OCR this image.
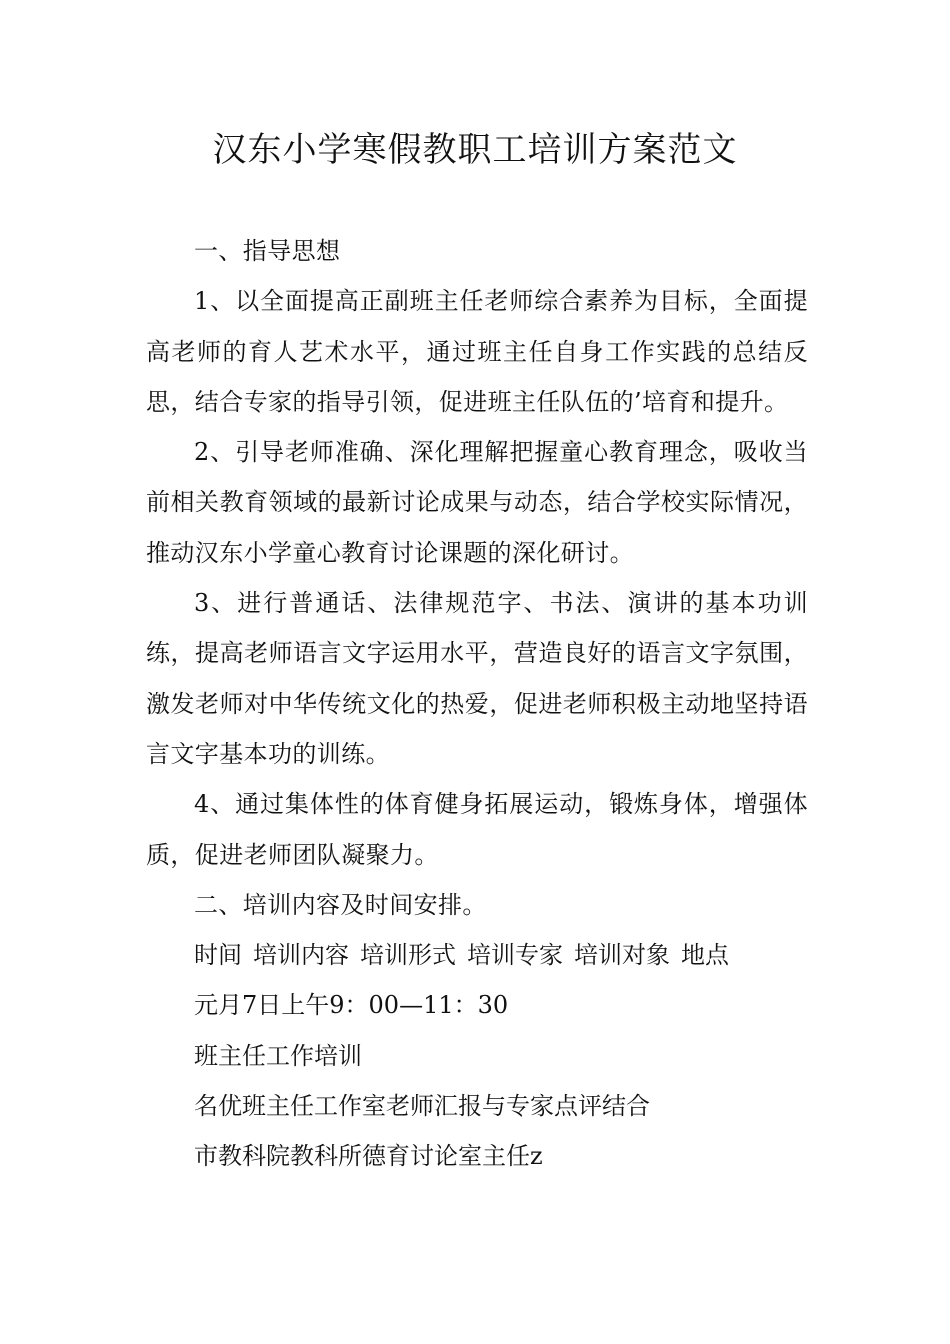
汉东小学寒假教职工培训方案范文

一、指导思想

1、以全面提高正副班主任老师综合素养为目标，全面提高老师的育人艺术水平，通过班主任自身工作实践的总结反思，结合专家的指导引领，促进班主任队伍的’培育和提升。

2、引导老师准确、深化理解把握童心教育理念，吸收当前相关教育领域的最新讨论成果与动态，结合学校实际情况，推动汉东小学童心教育讨论课题的深化研讨。

3、进行普通话、法律规范字、书法、演讲的基本功训练，提高老师语言文字运用水平，营造良好的语言文字氛围，激发老师对中华传统文化的热爱，促进老师积极主动地坚持语言文字基本功的训练。

4、通过集体性的体育健身拓展运动，锻炼身体，增强体质，促进老师团队凝聚力。

二、培训内容及时间安排。

时间 培训内容 培训形式 培训专家 培训对象 地点

元月7日上午9：00—11：30

班主任工作培训

名优班主任工作室老师汇报与专家点评结合

市教科院教科所德育讨论室主任z
